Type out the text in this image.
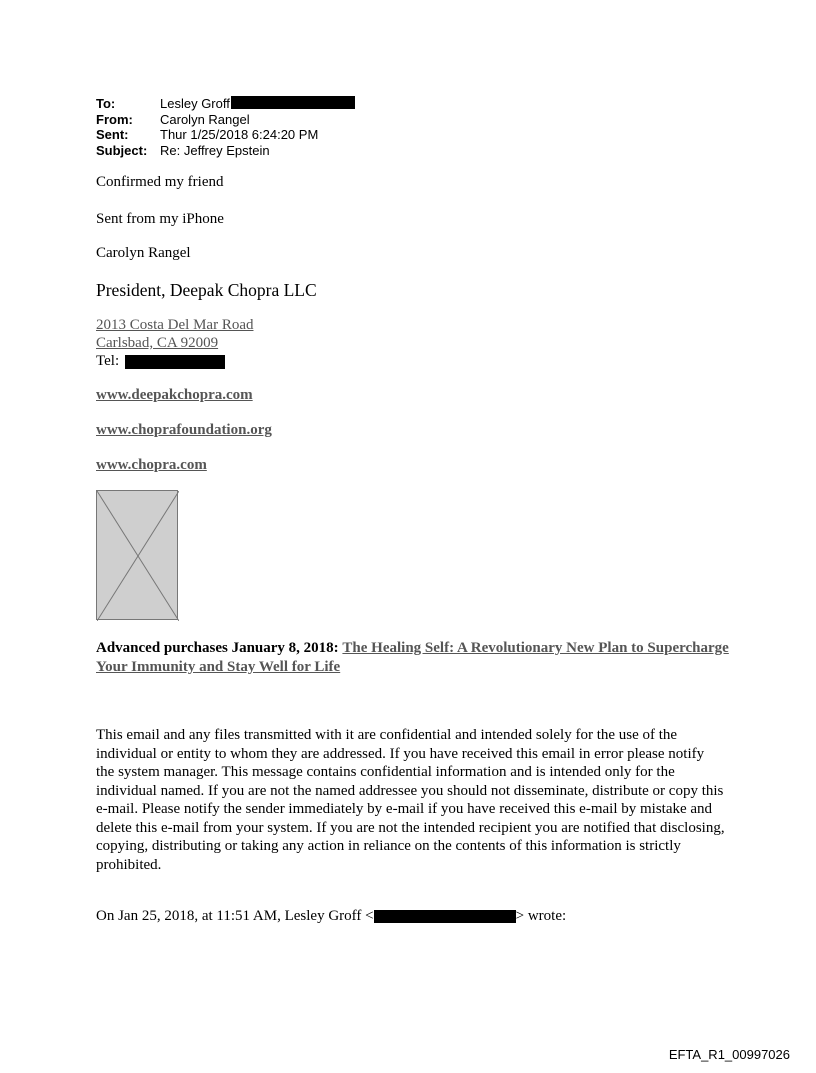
To:	Lesley Groff
From:	Carolyn Rangel
Sent:	Thur 1/25/2018 6:24:20 PM
Subject: Re: Jeffrey Epstein
Confirmed my friend
Sent from my iPhone
Carolyn Rangel
President, Deepak Chopra LLC
2013 Costa Del Mar Road
Carlsbad, CA 92009
Tel:
www.deepakchopra.com
www.choprafoundation.org
www.chopra.com
Advanced purchases January 8, 2018: The Healing Self: A Revolutionary New Plan to Supercharge Your Immunity and Stay Well for Life
This email and any files transmitted with it are confidential and intended solely for the use of the individual or entity to whom they are addressed. If you have received this email in error please notify the system manager. This message contains confidential information and is intended only for the individual named. If you are not the named addressee you should not disseminate, distribute or copy this e-mail. Please notify the sender immediately by e-mail if you have received this e-mail by mistake and delete this e-mail from your system. If you are not the intended recipient you are notified that disclosing, copying, distributing or taking any action in reliance on the contents of this information is strictly prohibited.
On Jan 25, 2018, at 11:51 AM, Lesley Groff <	> wrote:
EFTA_R1_00997026
